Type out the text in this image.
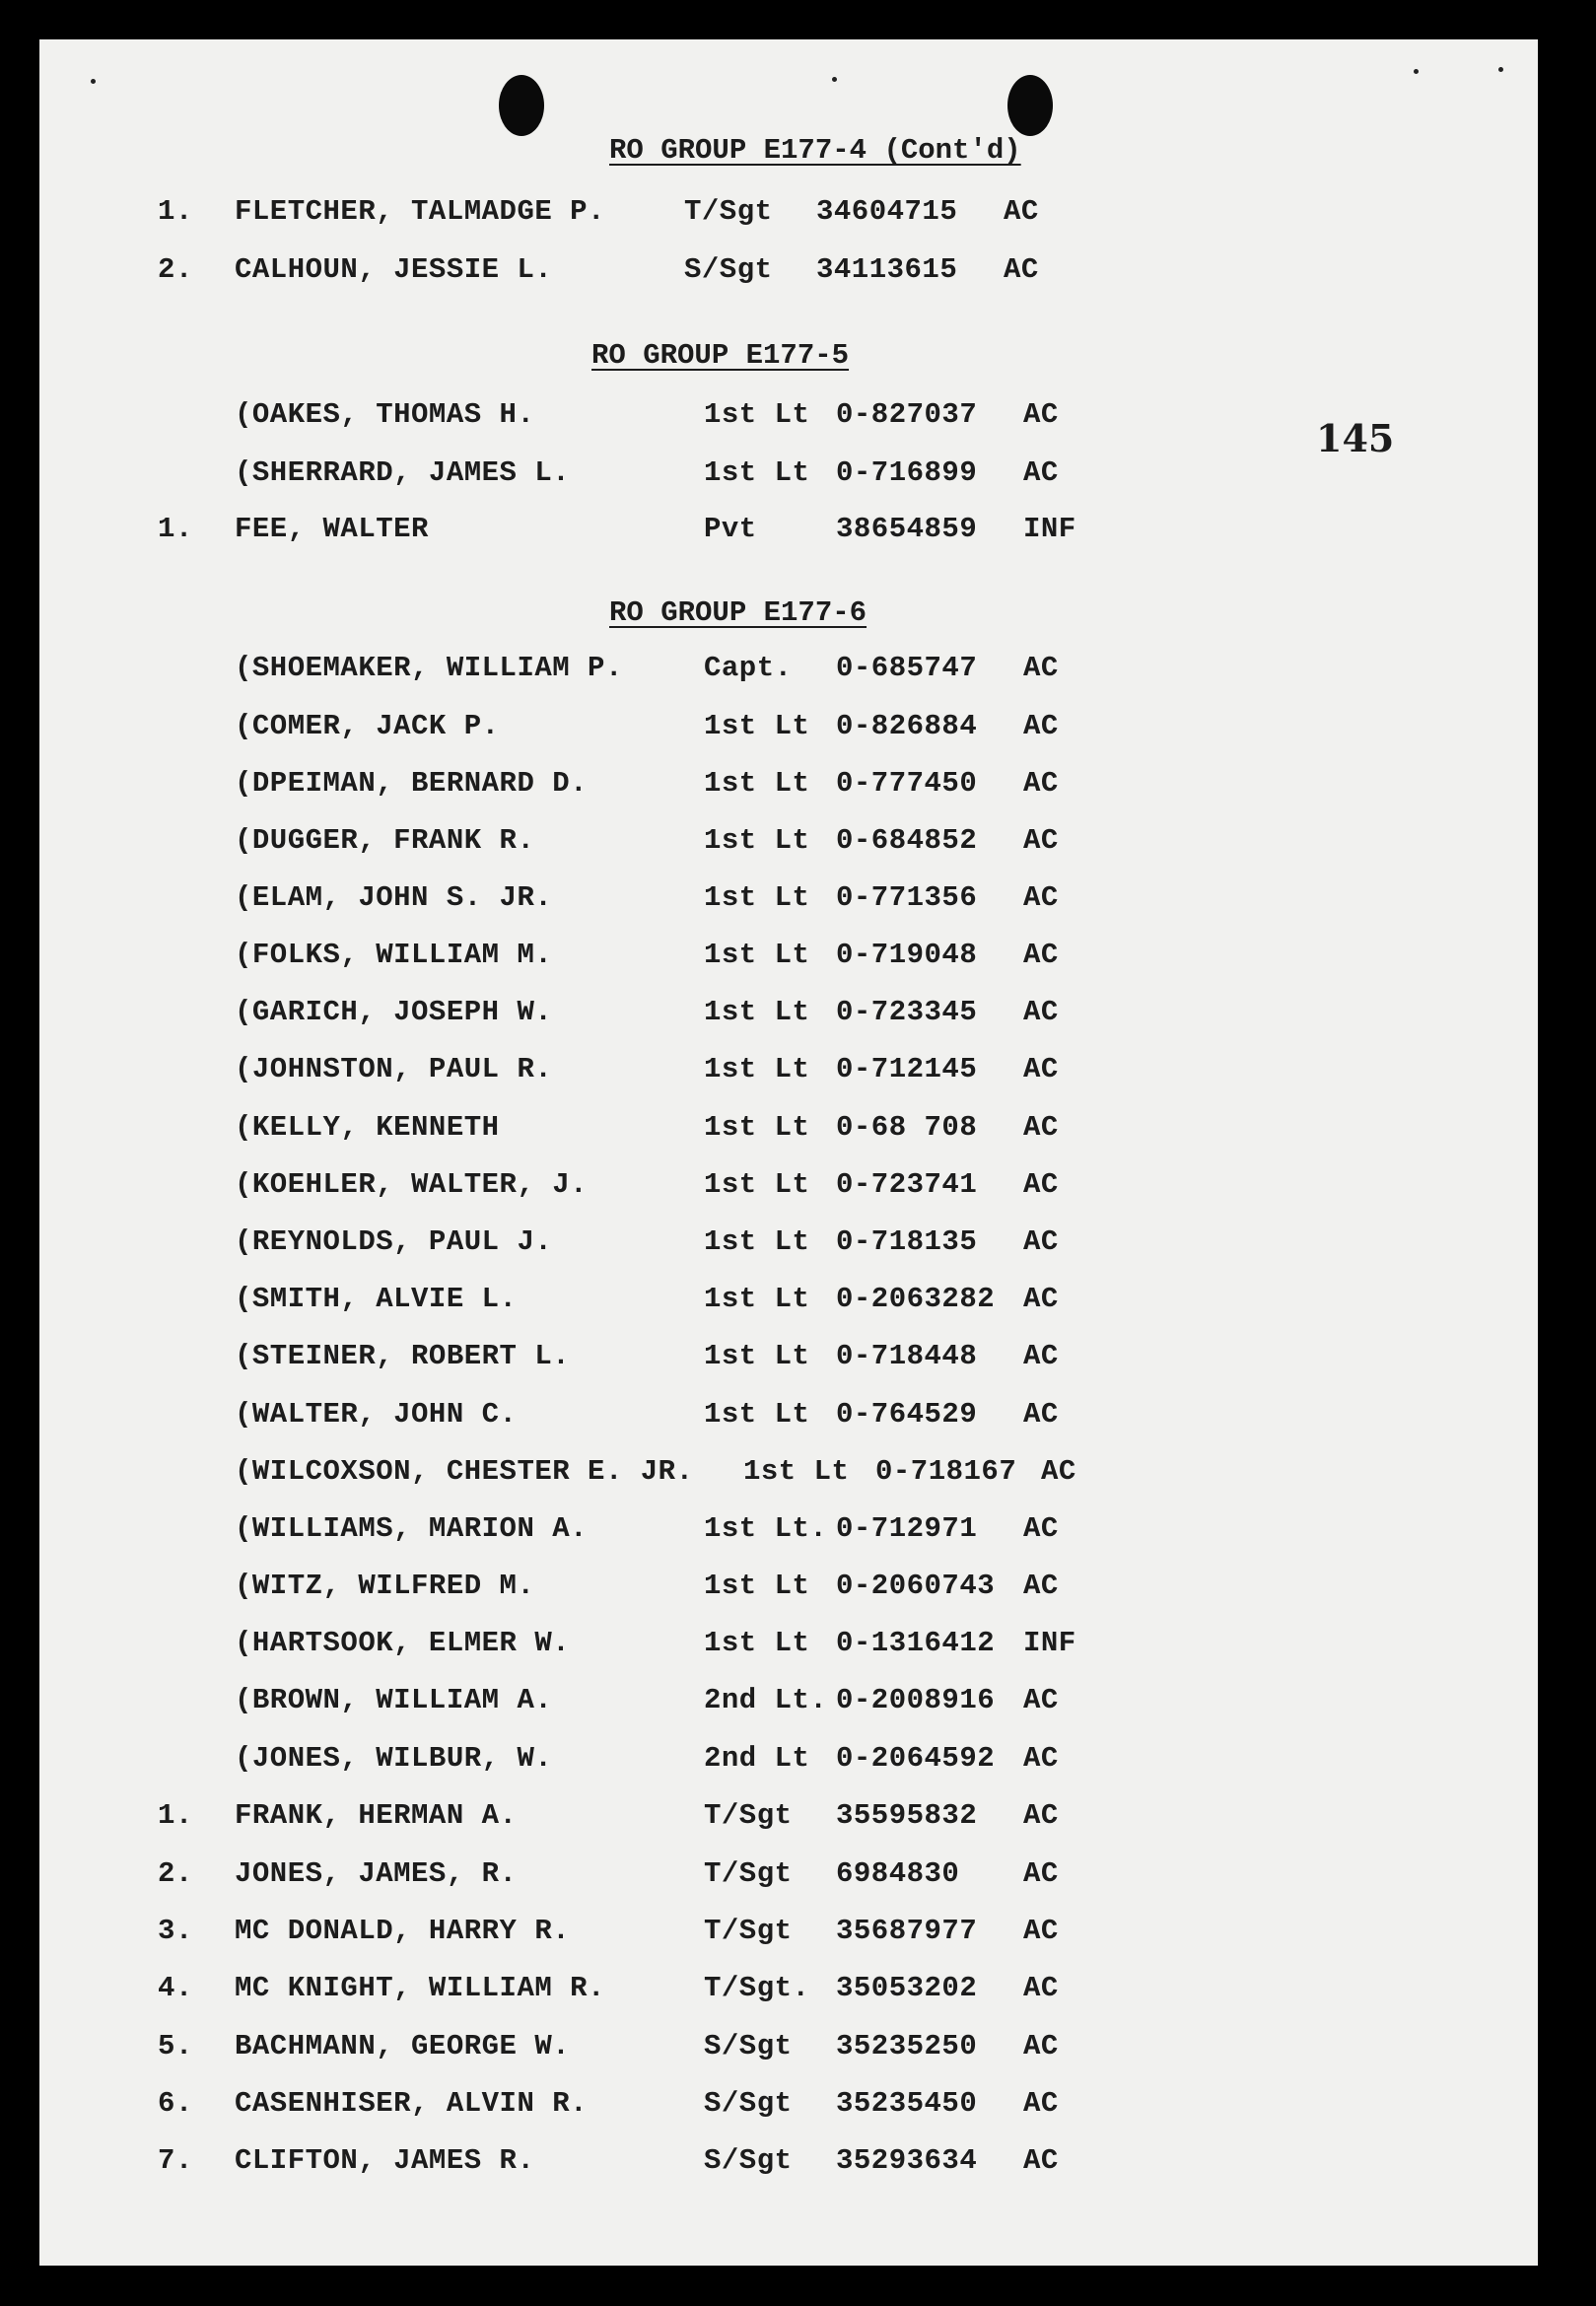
145
RO GROUP E177-4 (Cont'd)
1. FLETCHER, TALMADGE P.	T/Sgt 34604715 AC
2. CALHOUN, JESSIE L.	S/Sgt 34113615 AC
RO GROUP E177-5
(OAKES, THOMAS H.	1st Lt 0-827037 AC
(SHERRARD, JAMES L.	1st Lt 0-716899 AC
1. FEE, WALTER	Pvt	38654859 INF
RO GROUP E177-6
(SHOEMAKER, WILLIAM P.	Capt. 0-685747 AC
(COMER, JACK P.	1st Lt 0-826884 AC
(DPEIMAN, BERNARD D.	1st Lt 0-777450 AC
(DUGGER, FRANK R.	1st Lt 0-684852 AC
(ELAM, JOHN S. JR.	1st Lt 0-771356 AC
(FOLKS, WILLIAM M.	1st Lt 0-719048 AC
(GARICH, JOSEPH W.	1st Lt 0-723345 AC
(JOHNSTON, PAUL R.	1st Lt 0-712145 AC
(KELLY, KENNETH	1st Lt 0-68 708 AC
(KOEHLER, WALTER, J.	1st Lt 0-723741 AC
(REYNOLDS, PAUL J.	1st Lt 0-718135 AC
(SMITH, ALVIE L.	1st Lt 0-2063282 AC
(STEINER, ROBERT L.	1st Lt 0-718448 AC
(WALTER, JOHN C.	1st Lt 0-764529 AC
(WILCOXSON, CHESTER E. JR. 1st Lt 0-718167 AC
(WILLIAMS, MARION A.	1st Lt. 0-712971 AC
(WITZ, WILFRED M.	1st Lt 0-2060743 AC
(HARTSOOK, ELMER W.	1st Lt 0-1316412 INF
(BROWN, WILLIAM A.	2nd Lt. 0-2008916 AC
(JONES, WILBUR, W.	2nd Lt 0-2064592 AC
1. FRANK, HERMAN A.	T/Sgt 35595832 AC
2. JONES, JAMES, R.	T/Sgt 6984830 AC
3. MC DONALD, HARRY R.	T/Sgt 35687977 AC
4. MC KNIGHT, WILLIAM R.	T/Sgt. 35053202 AC
5. BACHMANN, GEORGE W.	S/Sgt 35235250 AC
6. CASENHISER, ALVIN R.	S/Sgt 35235450 AC
7. CLIFTON, JAMES R.	S/Sgt 35293634 AC
